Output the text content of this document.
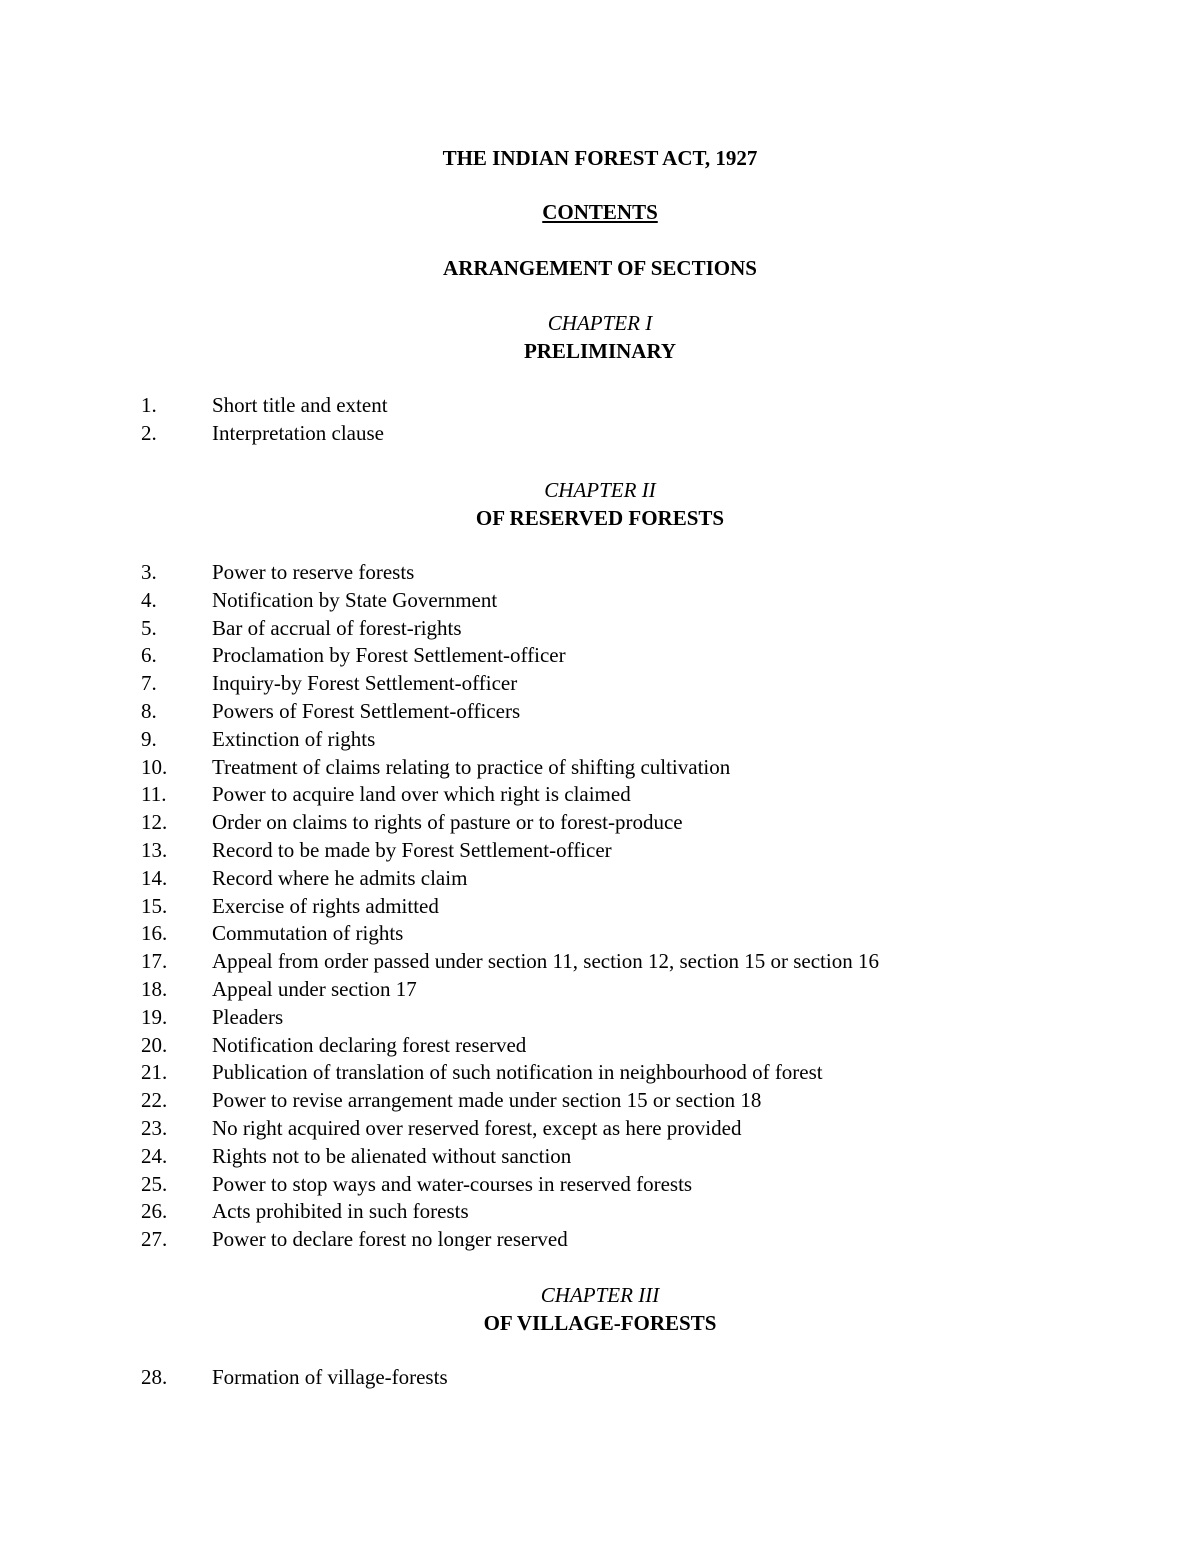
THE INDIAN FOREST ACT, 1927
CONTENTS
ARRANGEMENT OF SECTIONS
CHAPTER I
PRELIMINARY
1.	Short title and extent
2.	Interpretation clause
CHAPTER II
OF RESERVED FORESTS
3.	Power to reserve forests
4.	Notification by State Government
5.	Bar of accrual of forest-rights
6.	Proclamation by Forest Settlement-officer
7.	Inquiry-by Forest Settlement-officer
8.	Powers of Forest Settlement-officers
9.	Extinction of rights
10. Treatment of claims relating to practice of shifting cultivation
11. Power to acquire land over which right is claimed
12. Order on claims to rights of pasture or to forest-produce
13. Record to be made by Forest Settlement-officer
14. Record where he admits claim
15. Exercise of rights admitted
16. Commutation of rights
17. Appeal from order passed under section 11, section 12, section 15 or section 16
18. Appeal under section 17
19. Pleaders
20. Notification declaring forest reserved
21. Publication of translation of such notification in neighbourhood of forest
22. Power to revise arrangement made under section 15 or section 18
23. No right acquired over reserved forest, except as here provided
24. Rights not to be alienated without sanction
25. Power to stop ways and water-courses in reserved forests
26. Acts prohibited in such forests
27. Power to declare forest no longer reserved
CHAPTER III
OF VILLAGE-FORESTS
28. Formation of village-forests
